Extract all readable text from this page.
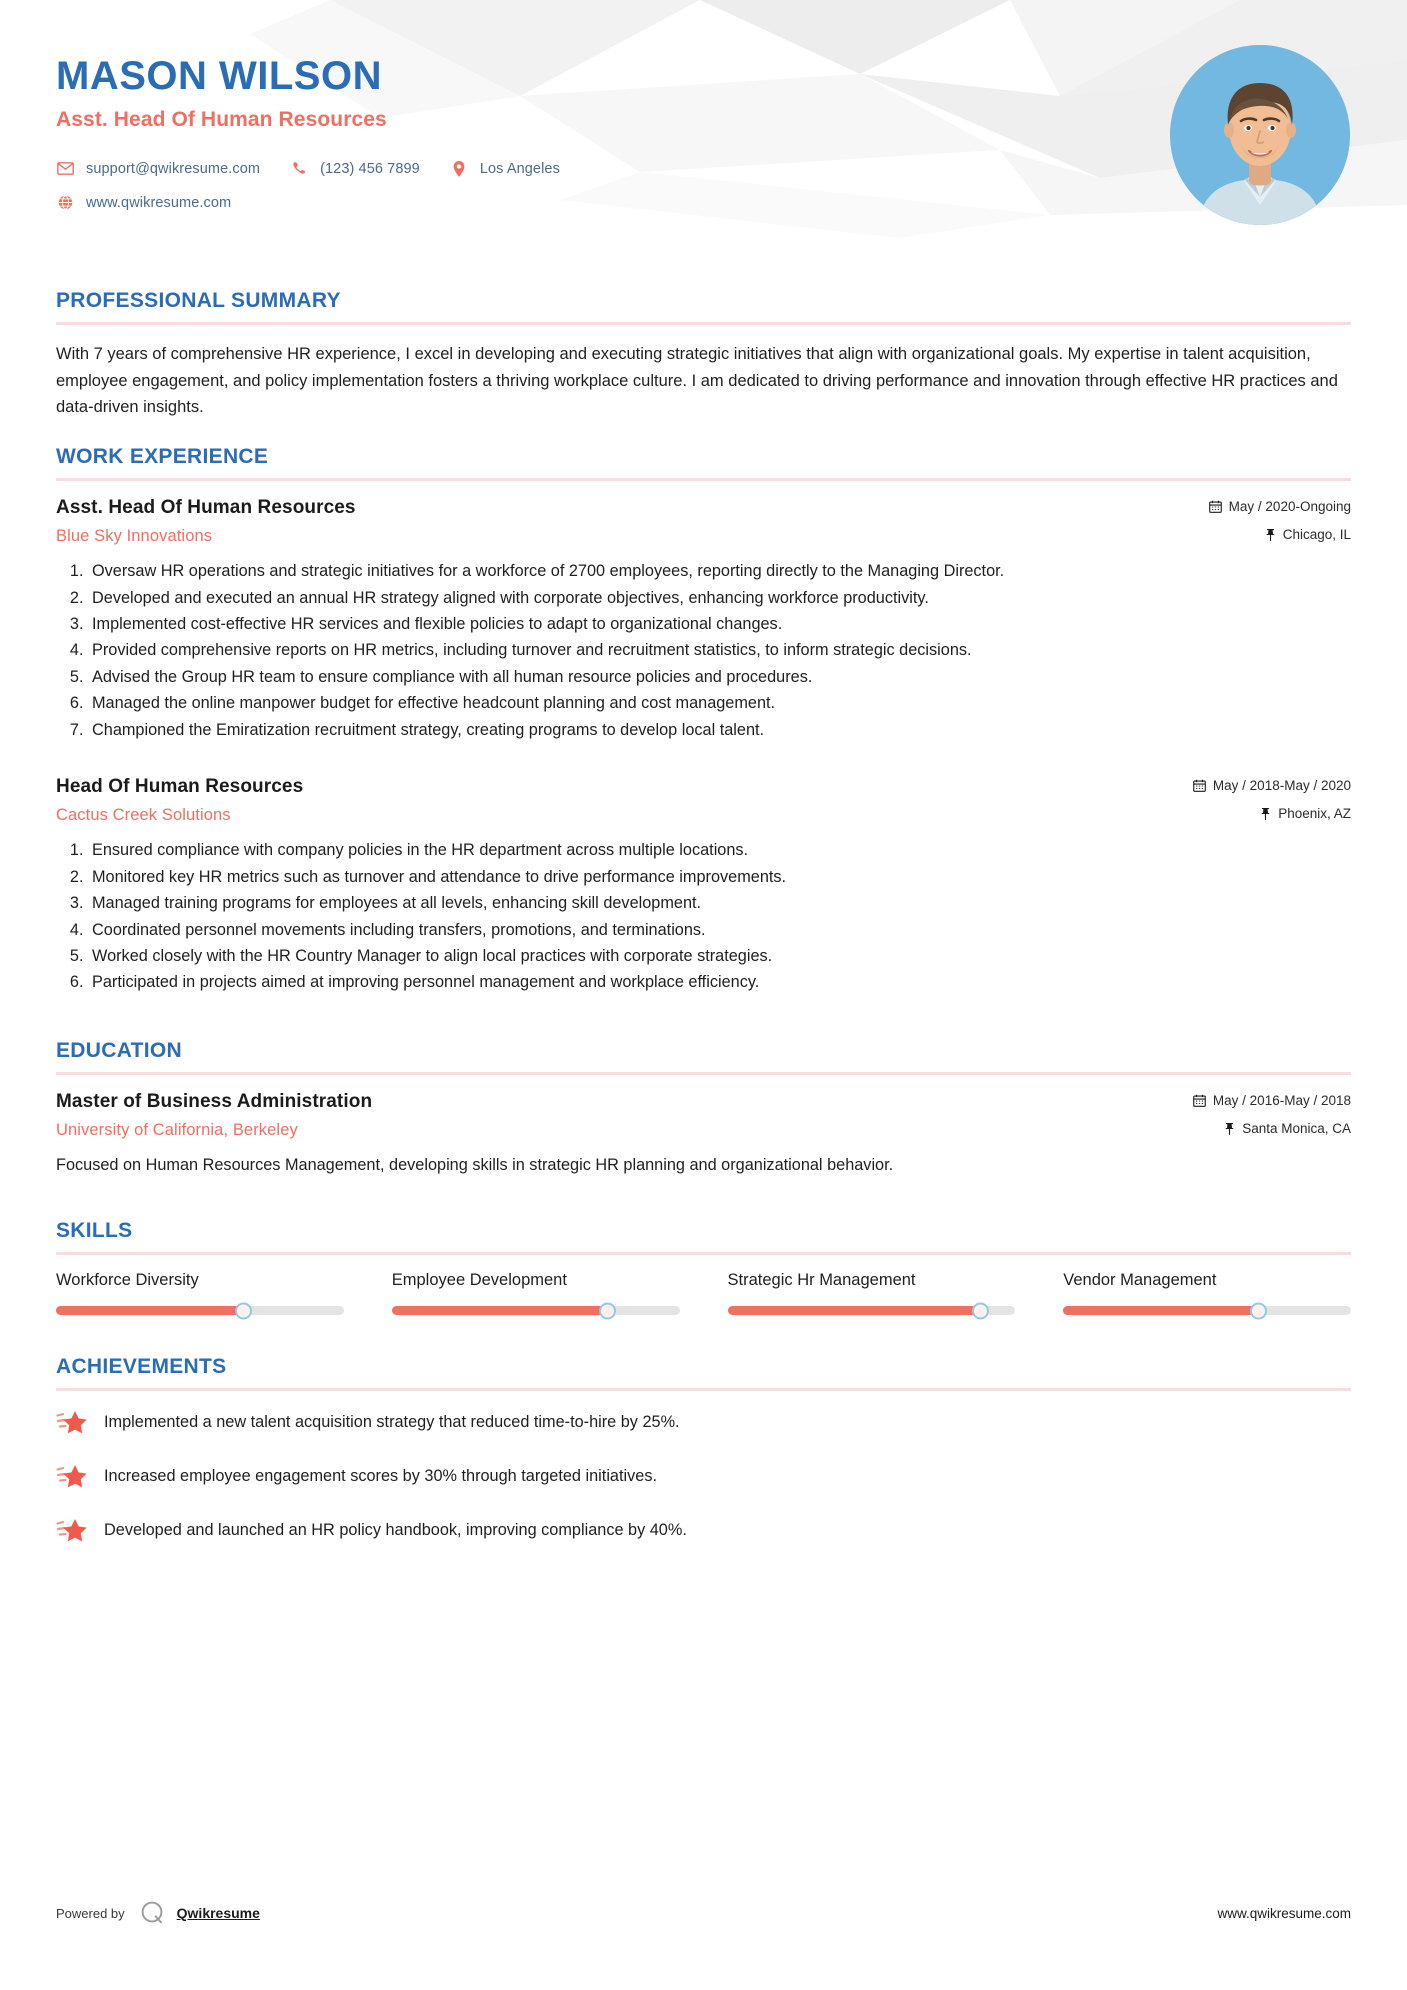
MASON WILSON
Asst. Head Of Human Resources
support@qwikresume.com	(123) 456 7899	Los Angeles
www.qwikresume.com
PROFESSIONAL SUMMARY

With 7 years of comprehensive HR experience, I excel in developing and executing strategic initiatives that align with organizational goals. My expertise in talent acquisition, employee engagement, and policy implementation fosters a thriving workplace culture. I am dedicated to driving performance and innovation through effective HR practices and data-driven insights.

WORK EXPERIENCE
Asst. Head Of Human Resources	May / 2020-Ongoing
Blue Sky Innovations	Chicago, IL
1. Oversaw HR operations and strategic initiatives for a workforce of 2700 employees, reporting directly to the Managing Director.
2. Developed and executed an annual HR strategy aligned with corporate objectives, enhancing workforce productivity.
3. Implemented cost-effective HR services and flexible policies to adapt to organizational changes.
4. Provided comprehensive reports on HR metrics, including turnover and recruitment statistics, to inform strategic decisions.
5. Advised the Group HR team to ensure compliance with all human resource policies and procedures.
6. Managed the online manpower budget for effective headcount planning and cost management.
7. Championed the Emiratization recruitment strategy, creating programs to develop local talent.
Head Of Human Resources	May / 2018-May / 2020
Cactus Creek Solutions	Phoenix, AZ
1. Ensured compliance with company policies in the HR department across multiple locations.
2. Monitored key HR metrics such as turnover and attendance to drive performance improvements.
3. Managed training programs for employees at all levels, enhancing skill development.
4. Coordinated personnel movements including transfers, promotions, and terminations.
5. Worked closely with the HR Country Manager to align local practices with corporate strategies.
6. Participated in projects aimed at improving personnel management and workplace efficiency.
EDUCATION
Master of Business Administration	May / 2016-May / 2018
University of California, Berkeley	Santa Monica, CA
Focused on Human Resources Management, developing skills in strategic HR planning and organizational behavior.
SKILLS
Workforce Diversity	Employee Development	Strategic Hr Management	Vendor Management
ACHIEVEMENTS
Implemented a new talent acquisition strategy that reduced time-to-hire by 25%.
Increased employee engagement scores by 30% through targeted initiatives.
Developed and launched an HR policy handbook, improving compliance by 40%.
Powered by	Qwikresume	www.qwikresume.com
